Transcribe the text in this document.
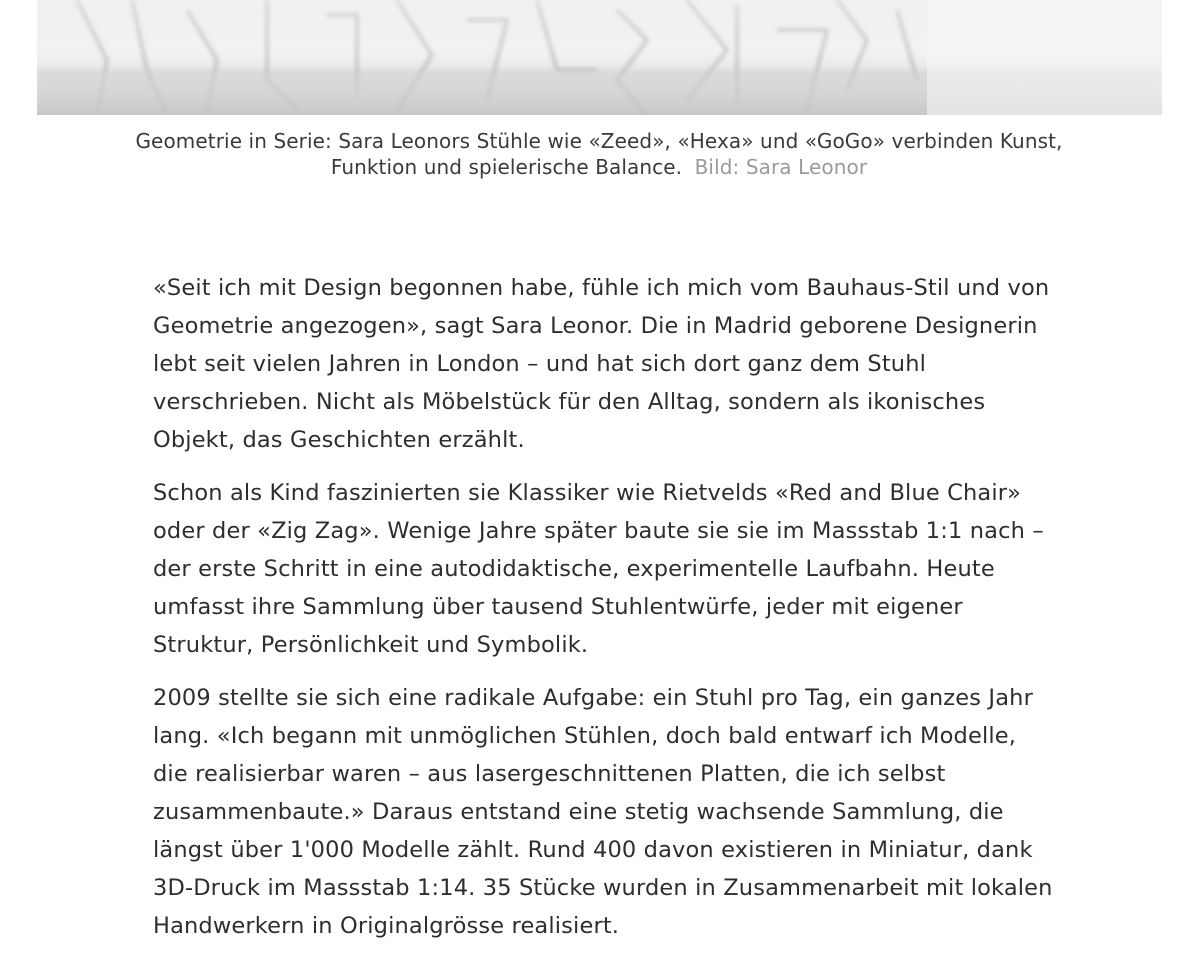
Geometrie in Serie: Sara Leonors Stühle wie «Zeed», «Hexa» und «GoGo» verbinden Kunst, Funktion und spielerische Balance. Bild: Sara Leonor

«Seit ich mit Design begonnen habe, fühle ich mich vom Bauhaus-Stil und von Geometrie angezogen», sagt Sara Leonor. Die in Madrid geborene Designerin lebt seit vielen Jahren in London – und hat sich dort ganz dem Stuhl verschrieben. Nicht als Möbelstück für den Alltag, sondern als ikonisches Objekt, das Geschichten erzählt.

Schon als Kind faszinierten sie Klassiker wie Rietvelds «Red and Blue Chair» oder der «Zig Zag». Wenige Jahre später baute sie sie im Massstab 1:1 nach – der erste Schritt in eine autodidaktische, experimentelle Laufbahn. Heute umfasst ihre Sammlung über tausend Stuhlentwürfe, jeder mit eigener Struktur, Persönlichkeit und Symbolik.

2009 stellte sie sich eine radikale Aufgabe: ein Stuhl pro Tag, ein ganzes Jahr lang. «Ich begann mit unmöglichen Stühlen, doch bald entwarf ich Modelle, die realisierbar waren – aus lasergeschnittenen Platten, die ich selbst zusammenbaute.» Daraus entstand eine stetig wachsende Sammlung, die längst über 1'000 Modelle zählt. Rund 400 davon existieren in Miniatur, dank 3D-Druck im Massstab 1:14. 35 Stücke wurden in Zusammenarbeit mit lokalen Handwerkern in Originalgrösse realisiert.
